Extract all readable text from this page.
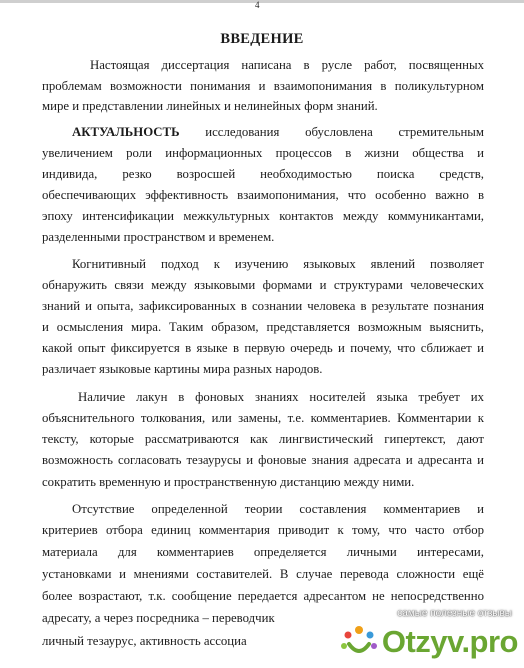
4
ВВЕДЕНИЕ
Настоящая диссертация написана в русле работ, посвященных
проблемам возможности понимания и взаимопонимания в поликультурном
мире и представлении линейных и нелинейных форм знаний.
АКТУАЛЬНОСТЬ исследования обусловлена стремительным
увеличением роли информационных процессов в жизни общества и
индивида, резко возросшей необходимостью поиска средств,
обеспечивающих эффективность взаимопонимания, что особенно важно в
эпоху интенсификации межкультурных контактов между коммуникантами,
разделенными пространством и временем.
Когнитивный подход к изучению языковых явлений позволяет
обнаружить связи между языковыми формами и структурами человеческих
знаний и опыта, зафиксированных в сознании человека в результате познания
и осмысления мира. Таким образом, представляется возможным выяснить,
какой опыт фиксируется в языке в первую очередь и почему, что сближает и
различает языковые картины мира разных народов.
Наличие лакун в фоновых знаниях носителей языка требует их
объяснительного толкования, или замены, т.е. комментариев. Комментарии к
тексту, которые рассматриваются как лингвистический гипертекст, дают
возможность согласовать тезаурусы и фоновые знания адресата и адресанта и
сократить временную и пространственную дистанцию между ними.
Отсутствие определенной теории составления комментариев и
критериев отбора единиц комментария приводит к тому, что часто отбор
материала для комментариев определяется личными интересами,
установками и мнениями составителей. В случае перевода сложности ещё
более возрастают, т.к. сообщение передается адресантом не непосредственно
адресату, а через посредника – переводчик
личный тезаурус, активность ассоциа
самые полезные отзывы
Otzyv.pro
